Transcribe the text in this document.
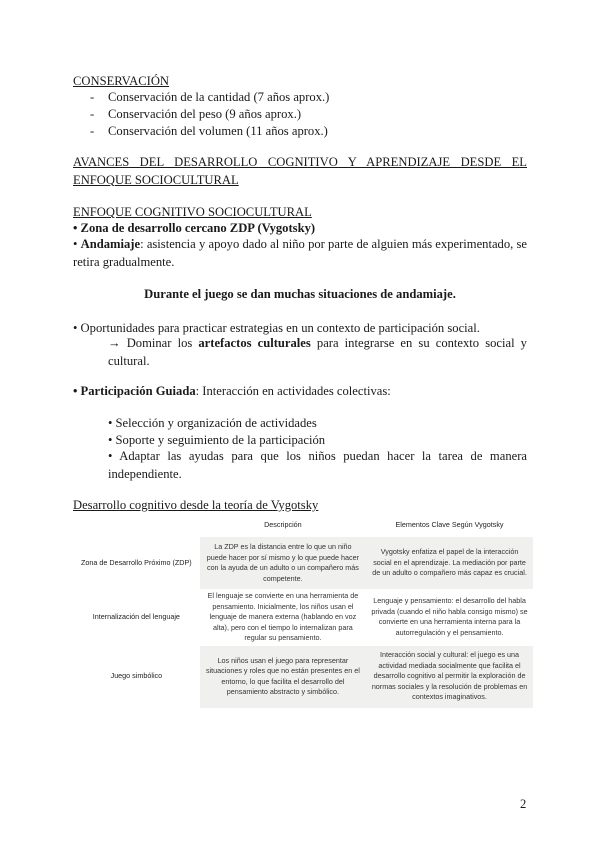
CONSERVACIÓN
- Conservación de la cantidad (7 años aprox.)
- Conservación del peso (9 años aprox.)
- Conservación del volumen (11 años aprox.)
AVANCES DEL DESARROLLO COGNITIVO Y APRENDIZAJE DESDE EL ENFOQUE SOCIOCULTURAL
ENFOQUE COGNITIVO SOCIOCULTURAL
• Zona de desarrollo cercano ZDP (Vygotsky)
• Andamiaje: asistencia y apoyo dado al niño por parte de alguien más experimentado, se retira gradualmente.
Durante el juego se dan muchas situaciones de andamiaje.
• Oportunidades para practicar estrategias en un contexto de participación social.
→ Dominar los artefactos culturales para integrarse en su contexto social y cultural.
• Participación Guiada: Interacción en actividades colectivas:
• Selección y organización de actividades
• Soporte y seguimiento de la participación
• Adaptar las ayudas para que los niños puedan hacer la tarea de manera independiente.
Desarrollo cognitivo desde la teoría de Vygotsky
	Descripción	Elementos Clave Según Vygotsky
Zona de Desarrollo Próximo (ZDP)	La ZDP es la distancia entre lo que un niño puede hacer por sí mismo y lo que puede hacer con la ayuda de un adulto o un compañero más competente.	Vygotsky enfatiza el papel de la interacción social en el aprendizaje. La mediación por parte de un adulto o compañero más capaz es crucial.
Internalización del lenguaje	El lenguaje se convierte en una herramienta de pensamiento. Inicialmente, los niños usan el lenguaje de manera externa (hablando en voz alta), pero con el tiempo lo internalizan para regular su pensamiento.	Lenguaje y pensamiento: el desarrollo del habla privada (cuando el niño habla consigo mismo) se convierte en una herramienta interna para la autorregulación y el pensamiento.
Juego simbólico	Los niños usan el juego para representar situaciones y roles que no están presentes en el entorno, lo que facilita el desarrollo del pensamiento abstracto y simbólico.	Interacción social y cultural: el juego es una actividad mediada socialmente que facilita el desarrollo cognitivo al permitir la exploración de normas sociales y la resolución de problemas en contextos imaginativos.
2
